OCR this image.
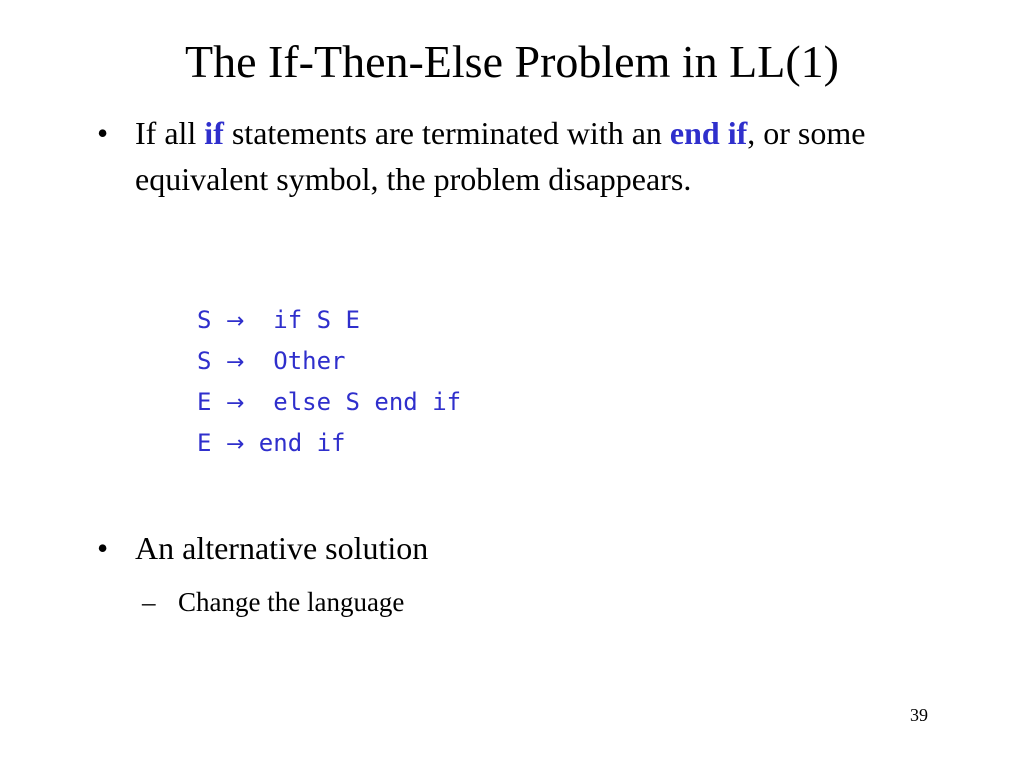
The If-Then-Else Problem in LL(1)
• If all if statements are terminated with an end if, or some equivalent symbol, the problem disappears.
S → if S E
S → Other
E → else S end if
E → end if
• An alternative solution
– Change the language
39
